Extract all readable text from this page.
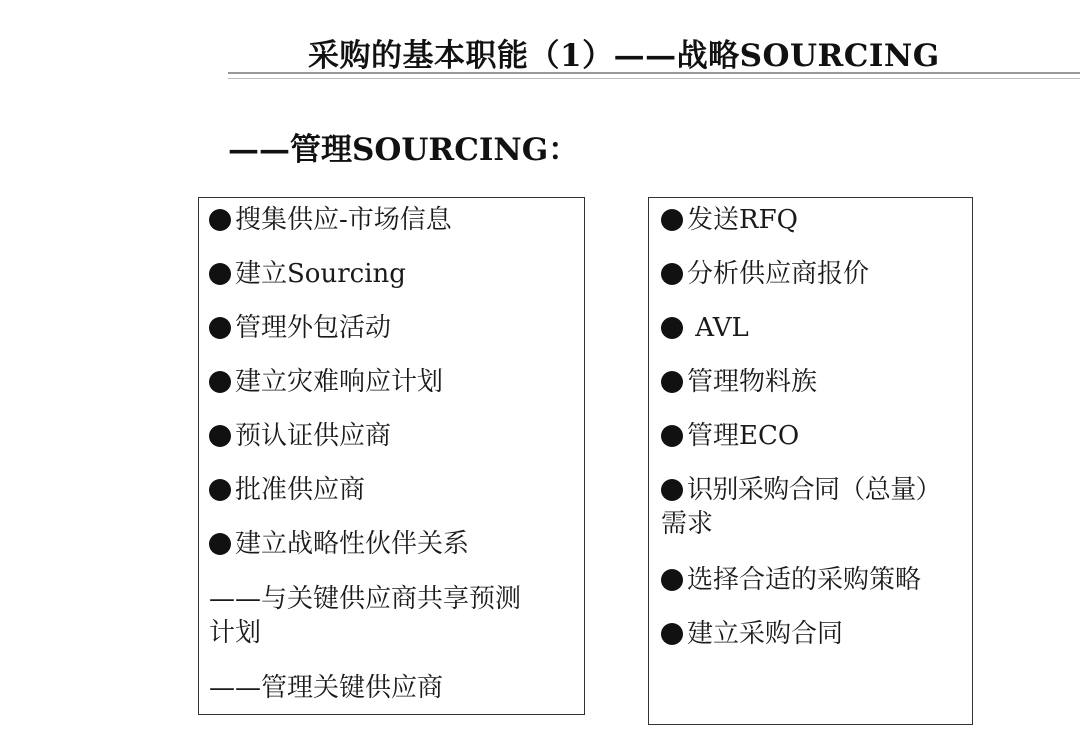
采购的基本职能（1）——战略SOURCING
——管理SOURCING：
搜集供应-市场信息
建立Sourcing
管理外包活动
建立灾难响应计划
预认证供应商
批准供应商
建立战略性伙伴关系
——与关键供应商共享预测
计划
——管理关键供应商
发送RFQ
分析供应商报价
AVL
管理物料族
管理ECO
识别采购合同（总量）
需求
选择合适的采购策略
建立采购合同
